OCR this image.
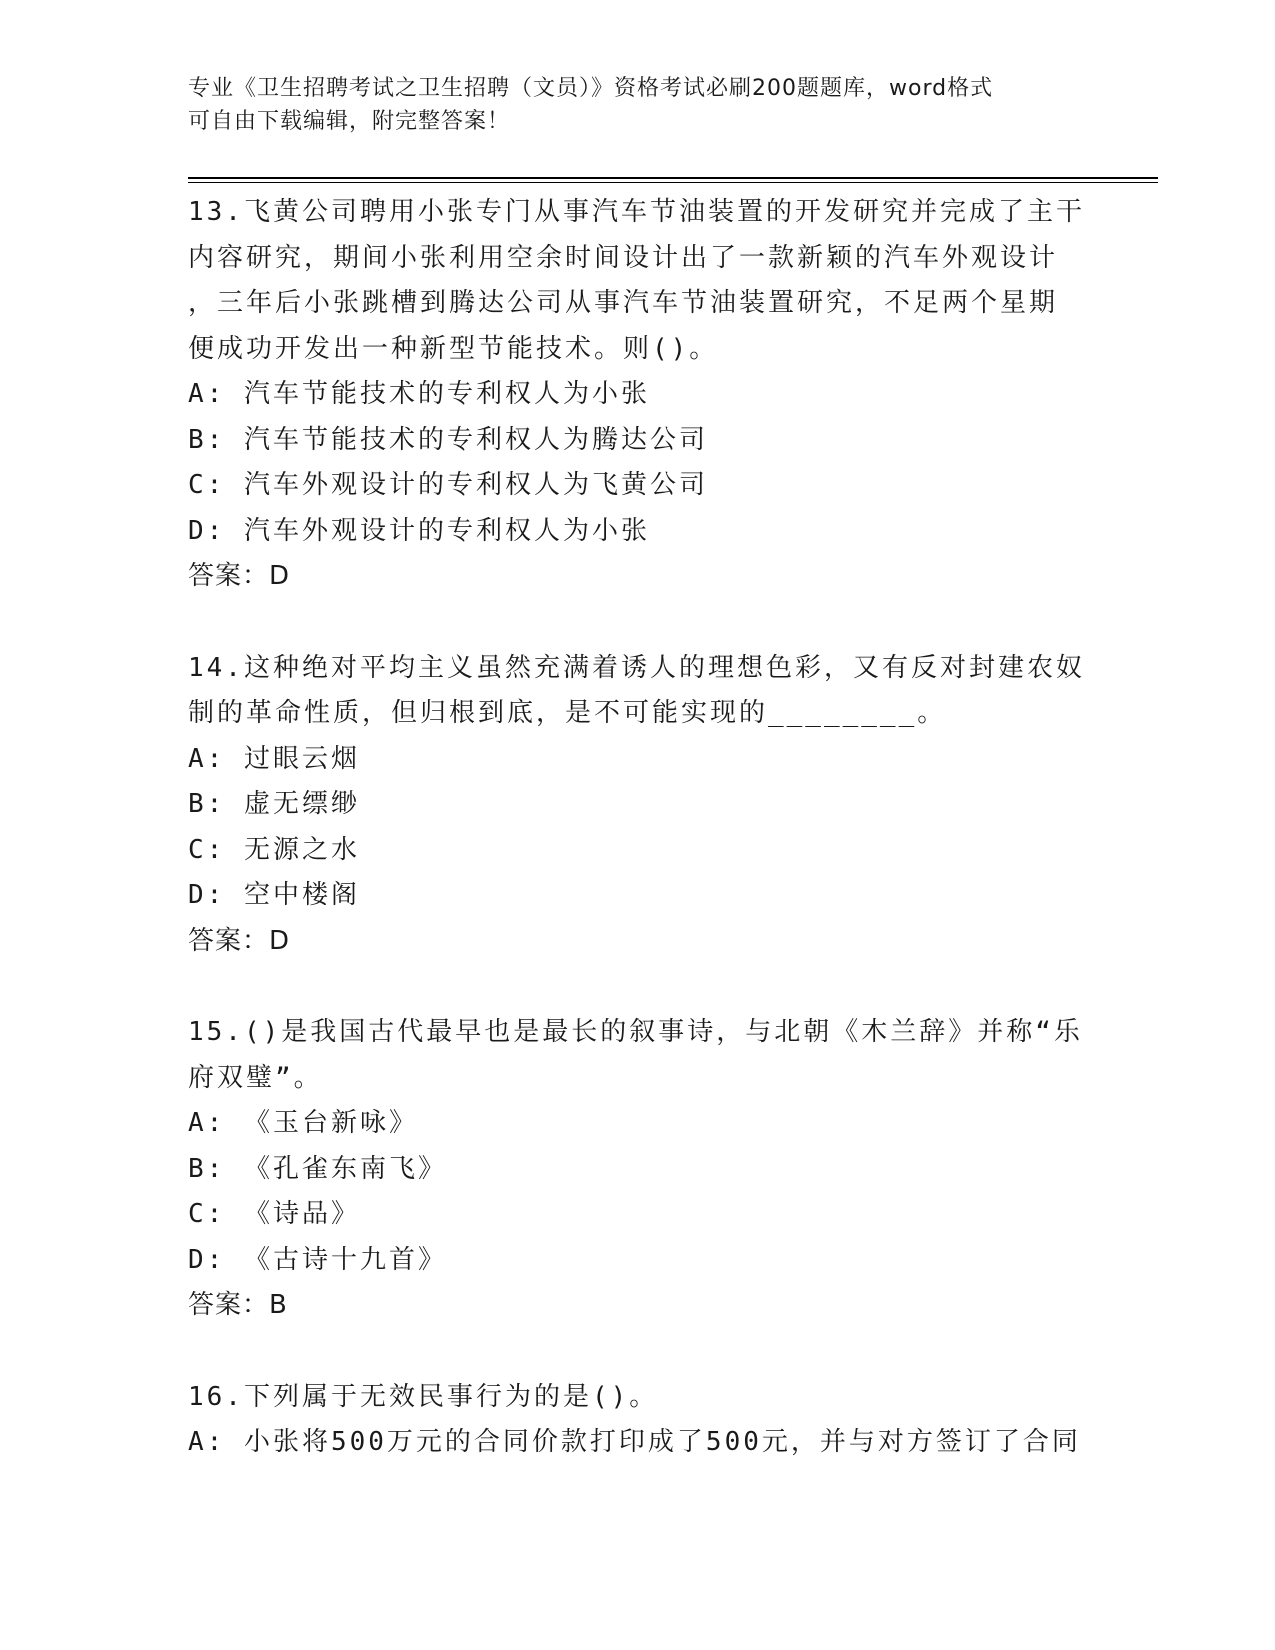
专业《卫生招聘考试之卫生招聘（文员）》资格考试必刷200题题库，word格式
可自由下载编辑，附完整答案！
13.飞黄公司聘用小张专门从事汽车节油装置的开发研究并完成了主干
内容研究，期间小张利用空余时间设计出了一款新颖的汽车外观设计
，三年后小张跳槽到腾达公司从事汽车节油装置研究，不足两个星期
便成功开发出一种新型节能技术。则()。
A: 汽车节能技术的专利权人为小张
B: 汽车节能技术的专利权人为腾达公司
C: 汽车外观设计的专利权人为飞黄公司
D: 汽车外观设计的专利权人为小张
答案：D
14.这种绝对平均主义虽然充满着诱人的理想色彩，又有反对封建农奴
制的革命性质，但归根到底，是不可能实现的________。
A: 过眼云烟
B: 虚无缥缈
C: 无源之水
D: 空中楼阁
答案：D
15.()是我国古代最早也是最长的叙事诗，与北朝《木兰辞》并称“乐
府双璧”。
A: 《玉台新咏》
B: 《孔雀东南飞》
C: 《诗品》
D: 《古诗十九首》
答案：B
16.下列属于无效民事行为的是()。
A: 小张将500万元的合同价款打印成了500元，并与对方签订了合同
